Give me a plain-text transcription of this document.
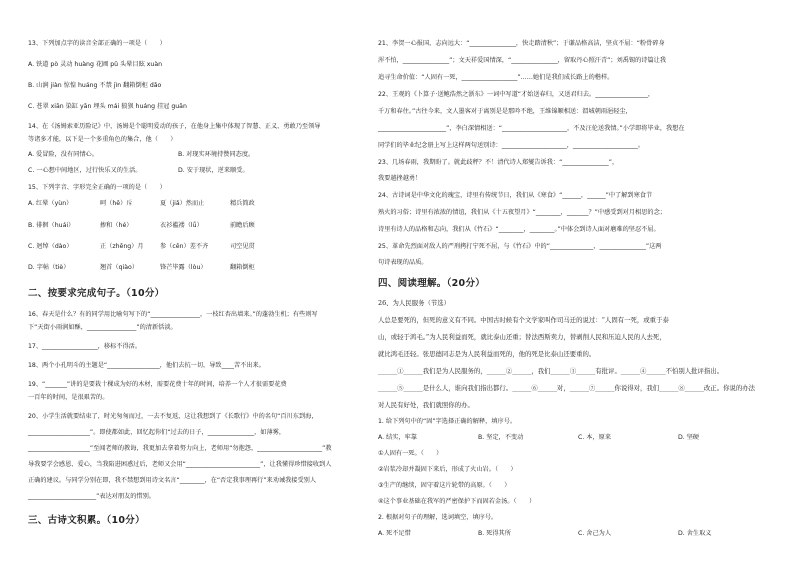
13、下列加点字的读音全部正确的一项是（　　）
A. 铁道 pò 灵动 huàng 花圃 pǔ 头晕目眩 xuàn
B. 山涧 jiàn 惊惶 huáng 不禁 jìn 翻箱倒柜 dǎo
C. 苍翠 xiān 染缸 yān 埋头 mái 狼狈 huáng 挂冠 guān
14、在《汤姆索亚历险记》中，汤姆是个聪明爱动的孩子，在他身上集中体现了智慧、正义、勇敢乃至领导
等诸多才能，以下是一个多重角色的集合，他（　　）
A. 爱冒险，没有同情心。	B. 对现实环境持赞同态度。
C. 一心想中间地区，过行快乐又的生活。	D. 安于现状，逆来顺受。
15、下列字音、字形完全正确的一项的是（　　）
A. 红晕（yùn）	呵（hē）斥	夏（jiǎ）然而止	精兵简政
B. 徘徊（huái）	掺和（hé）	衣衫褴褛（lǚ）	前瞻后顾
C. 迥绰（dào）	正（zhēng）月	参（cēn）差不齐	司空见贯
D. 字帖（tiè）	翘首（qiào）	锋芒毕露（lòu）	翻箱倒柜
二、按要求完成句子。（10分）
16、春天是什么？有的同学用比喻句写下的“________________，一枝红杏出墙来。”的蓬勃生机；有些则写
下“天街小雨润如酥，________________”的清新恬淡。
17、__________________，移标不得活。
18、两个小孔明斗的主题是“_________________，他们去抗一切，导致____苦不出来。
19、“_______”讲的是要栽十棵成为好的木材，需要花费十年的时间，培养一个人才很需要花费
一百年的时间，是很艰苦的。
20、小学生活就要结束了，时光匆匆而过，一去不复返，这让我想到了《长歌行》中的名句“百川东到海，
____________________”。即使都如此，回忆起你们“过去的日子，_______________，如薄雾，
____________________”至闻老师的教诲，我更加去拿着努力向上，老师用“勿抱怨，_____________________”教
导我要学会感恩、爱心，当我陷进困惑过后，老师又会用“________________________”，让我懂得珍惜接收到人
正确的建议。与同学分别在即，我不禁想到用诗文名言“________，在“否定我事理再行”来劝诫我接受别人
______________________”表达对朋友的惜别。
三、古诗文积累。（10分）
21、李贺一心报国，志向远大：“_______________，快走踏清秋”；于谦品格高洁，坚贞不屈：“粉骨碎身
浑不怕，_______________”；文天祥爱国情深，“_______________，留取丹心照汗青”；刘禹锡的诗篇让我
追寻生命价值：“人固有一死，__________________”……她们是我们成长路上的楷样。
22、王观的《卜算子·送鲍浩然之浙东》一词中写道“才始送春归，又送君归去。_________________，
千万和春住。”古往今来，文人墨客对于离别是是那吟不绝，王维锦顺相送：渭城朝雨浥轻尘，
______________________”，李白深情相送：“_____________________，不及汪伦送我情。”小学即将毕业，我想在
同学们的毕业纪念册上写上这样两句送别诗：_____________________，_____________________。
23、几场春雨，我期盼了。就此歧秤？不！清代诗人郑燮告诉我：“_______________”，
我要越挫越勇！
24、古诗词是中华文化的瑰宝，诗里有传统节日，我们从《寒食》“______，______”中了解到寒食节
熟火的习俗；诗里有浓浓的情谊，我们从《十五夜望月》“________，_______？”中感受到对月相思的念；
诗里有诗人的品格和志向，我们从《竹石》“________，________。”中体会到诗人面对磨难的坚忍不屈。
25、革命先烈面对敌人的严刑拷打宁死不屈，与《竹石》中的“______________，_______________”这两
句诗表现的品质。
四、阅读理解。（20分）
26、为人民服务（节选）
人总是要死的，但死的意义有不同。中国古时候有个文学家叫作司马迁的说过：“人固有一死，或重于泰
山，或轻于鸿毛。”为人民利益而死，就比泰山还重；替法西斯卖力，替剥削人民和压迫人民的人去死，
就比鸿毛还轻。张思德同志是为人民利益而死的，他的死是比泰山还要重的。
______①______我们是为人民服务的，______②______，我们______③______有批评。______④______不怕别人批评指出。
______⑤______是什么人，谁向我们指出都行。______⑥______对，______⑦______你说得对，我们______⑧______改正。你说的办法
对人民有好处，我们就照你的办。
1. 给下列句中的“固”字选择正确的解释，填序号。
A. 结实，牢靠	B. 坚定，不变动	C. 本，原来	D. 坚硬
①人固有一死。（　　）
②岩浆冷却并凝固下来后，形成了火山岩。（　　）
③生产的继续，固守着这片轮带的高原。（　　）
④这个事业基础在我军的严密保护下而固若金汤。（　　）
2. 根据对句子的理解，选词填空，填序号。
A. 死不足惜	B. 死得其所	C. 舍己为人	D. 舍生取义
